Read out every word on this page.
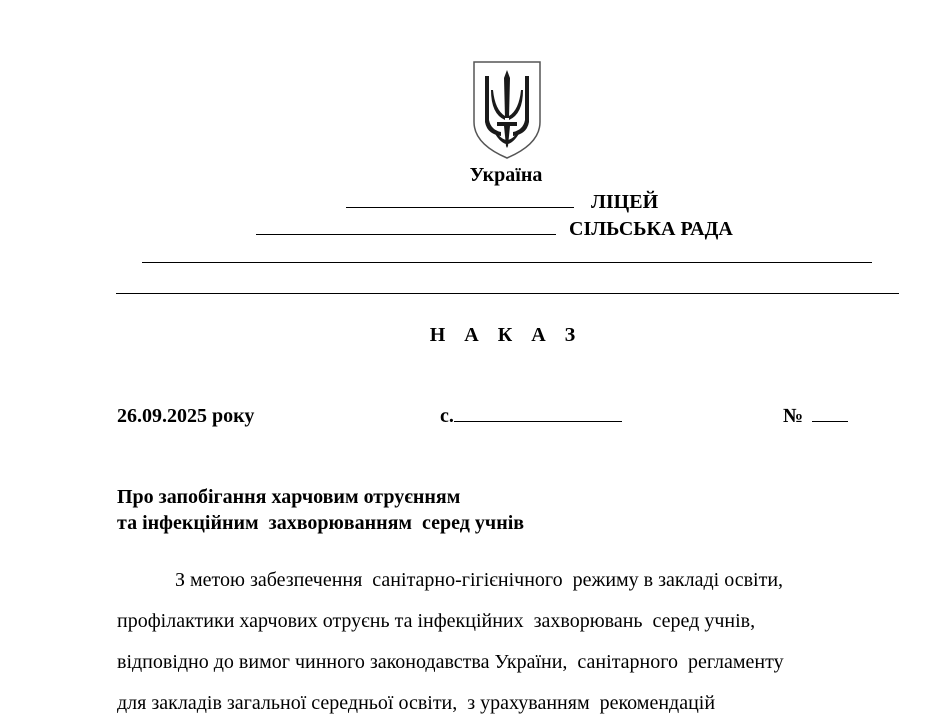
Україна
ЛІЦЕЙ
СІЛЬСЬКА РАДА
Н А К А З
26.09.2025 року	с.	№
Про запобігання харчовим отруєнням
та інфекційним  захворюванням  серед учнів
З метою забезпечення  санітарно-гігієнічного  режиму в закладі освіти,
профілактики харчових отруєнь та інфекційних  захворювань  серед учнів,
відповідно до вимог чинного законодавства України,  санітарного  регламенту
для закладів загальної середньої освіти,  з урахуванням  рекомендацій
